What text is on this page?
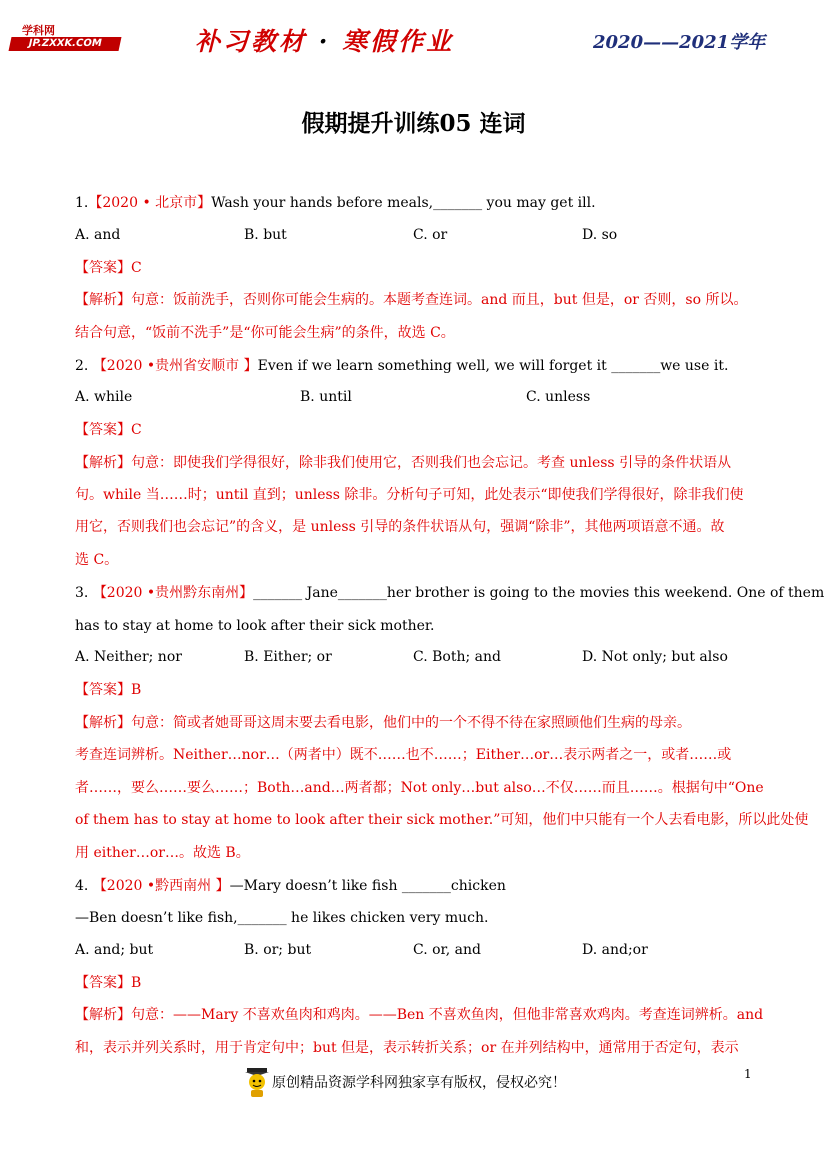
学科网
JP.ZXXK.COM	补习教材 · 寒假作业	2020——2021学年
假期提升训练05 连词
1.【2020 • 北京市】Wash your hands before meals,_______ you may get ill.
A. and	B. but	C. or	D. so
【答案】C
【解析】句意：饭前洗手，否则你可能会生病的。本题考查连词。and 而且，but 但是，or 否则，so 所以。
结合句意，“饭前不洗手”是“你可能会生病”的条件，故选 C。
2. 【2020 •贵州省安顺市 】Even if we learn something well, we will forget it _______we use it.
A. while	B. until	C. unless
【答案】C
【解析】句意：即使我们学得很好，除非我们使用它，否则我们也会忘记。考查 unless 引导的条件状语从
句。while 当……时；until 直到；unless 除非。分析句子可知，此处表示“即使我们学得很好，除非我们使
用它，否则我们也会忘记”的含义，是 unless 引导的条件状语从句，强调“除非”，其他两项语意不通。故
选 C。
3. 【2020 •贵州黔东南州】_______ Jane_______her brother is going to the movies this weekend. One of them
has to stay at home to look after their sick mother.
A. Neither; nor	B. Either; or	C. Both; and	D. Not only; but also
【答案】B
【解析】句意：简或者她哥哥这周末要去看电影，他们中的一个不得不待在家照顾他们生病的母亲。
考查连词辨析。Neither…nor…（两者中）既不……也不……；Either…or…表示两者之一，或者……或
者……，要么……要么……；Both…and…两者都；Not only…but also…不仅……而且……。根据句中“One
of them has to stay at home to look after their sick mother.”可知，他们中只能有一个人去看电影，所以此处使
用 either…or…。故选 B。
4. 【2020 •黔西南州 】—Mary doesn’t like fish _______chicken
—Ben doesn’t like fish,_______ he likes chicken very much.
A. and; but	B. or; but	C. or, and	D. and;or
【答案】B
【解析】句意：——Mary 不喜欢鱼肉和鸡肉。——Ben 不喜欢鱼肉，但他非常喜欢鸡肉。考查连词辨析。and
和，表示并列关系时，用于肯定句中；but 但是，表示转折关系；or 在并列结构中，通常用于否定句，表示
原创精品资源学科网独家享有版权，侵权必究！
1
